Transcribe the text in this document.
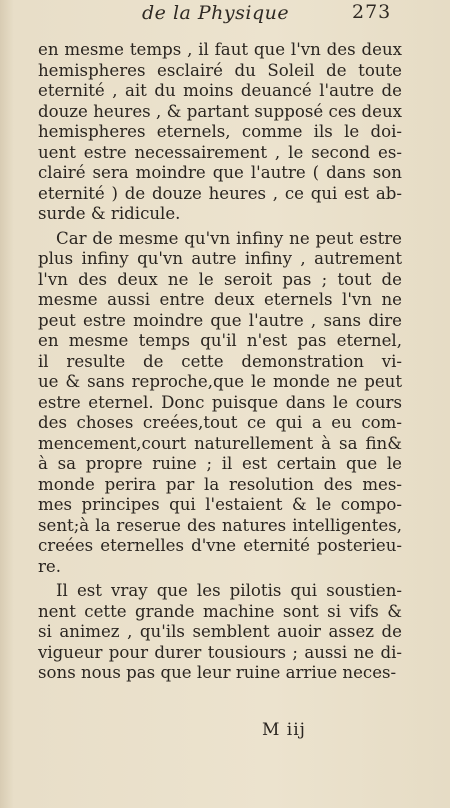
de la Physique	273
en mesme temps , il faut que l'vn des deux
hemispheres esclairé du Soleil de toute
eternité , ait du moins deuancé l'autre de
douze heures , & partant supposé ces deux
hemispheres eternels, comme ils le doi-
uent estre necessairement , le second es-
clairé sera moindre que l'autre ( dans son
eternité ) de douze heures , ce qui est ab-
surde & ridicule.
Car de mesme qu'vn infiny ne peut estre
plus infiny qu'vn autre infiny , autrement
l'vn des deux ne le seroit pas ; tout de
mesme aussi entre deux eternels l'vn ne
peut estre moindre que l'autre , sans dire
en mesme temps qu'il n'est pas eternel,
il resulte de cette demonstration vi-
ue & sans reproche,que le monde ne peut
estre eternel. Donc puisque dans le cours
des choses creées,tout ce qui a eu com-
mencement,court naturellement à sa fin&
à sa propre ruine ; il est certain que le
monde perira par la resolution des mes-
mes principes qui l'estaient & le compo-
sent;à la reserue des natures intelligentes,
creées eternelles d'vne eternité posterieu-
re.
Il est vray que les pilotis qui soustien-
nent cette grande machine sont si vifs &
si animez , qu'ils semblent auoir assez de
vigueur pour durer tousiours ; aussi ne di-
sons nous pas que leur ruine arriue neces-
M iij
